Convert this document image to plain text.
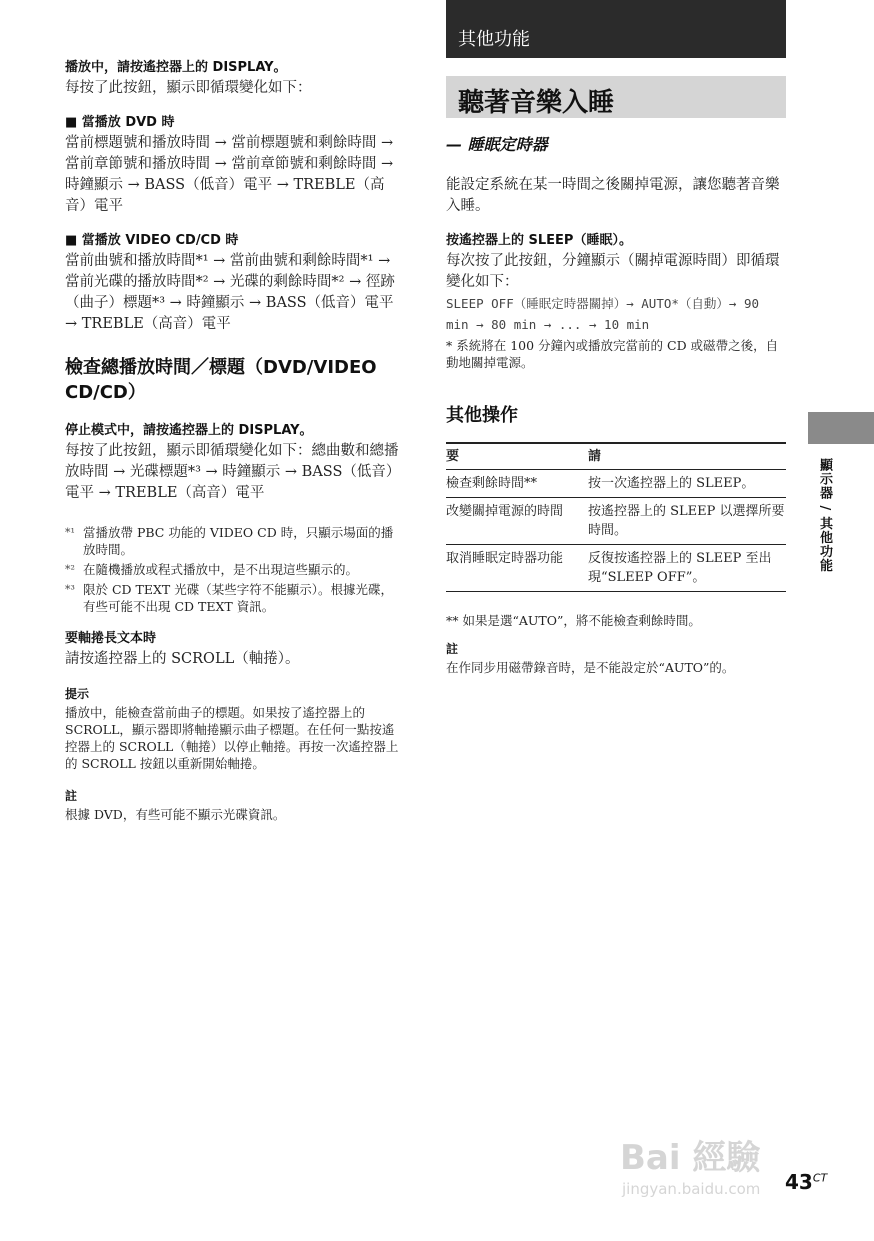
其他功能
聽著音樂入睡
播放中，請按遙控器上的 DISPLAY。

每按了此按鈕，顯示即循環變化如下：

■ 當播放 DVD 時

當前標題號和播放時間 → 當前標題號和剩餘時間 → 當前章節號和播放時間 → 當前章節號和剩餘時間 → 時鐘顯示 → BASS（低音）電平 → TREBLE（高音）電平

■ 當播放 VIDEO CD/CD 時

當前曲號和播放時間*¹ → 當前曲號和剩餘時間*¹ → 當前光碟的播放時間*² → 光碟的剩餘時間*² → 徑跡（曲子）標題*³ → 時鐘顯示 → BASS（低音）電平 → TREBLE（高音）電平

檢查總播放時間／標題（DVD/VIDEO CD/CD）
停止模式中，請按遙控器上的 DISPLAY。

每按了此按鈕，顯示即循環變化如下：總曲數和總播放時間 → 光碟標題*³ → 時鐘顯示 → BASS（低音）電平 → TREBLE（高音）電平

*¹ 當播放帶 PBC 功能的 VIDEO CD 時，只顯示場面的播放時間。
*² 在隨機播放或程式播放中，是不出現這些顯示的。
*³ 限於 CD TEXT 光碟（某些字符不能顯示）。根據光碟，有些可能不出現 CD TEXT 資訊。
要軸捲長文本時

請按遙控器上的 SCROLL（軸捲）。

提示

播放中，能檢查當前曲子的標題。如果按了遙控器上的 SCROLL，顯示器即將軸捲顯示曲子標題。在任何一點按遙控器上的 SCROLL（軸捲）以停止軸捲。再按一次遙控器上的 SCROLL 按鈕以重新開始軸捲。

註

根據 DVD，有些可能不顯示光碟資訊。

— 睡眠定時器

能設定系統在某一時間之後關掉電源，讓您聽著音樂入睡。

按遙控器上的 SLEEP（睡眠）。

每次按了此按鈕，分鐘顯示（關掉電源時間）即循環變化如下：

SLEEP OFF（睡眠定時器關掉）→ AUTO*（自動）→ 90 min → 80 min → ... → 10 min

* 系統將在 100 分鐘內或播放完當前的 CD 或磁帶之後，自動地關掉電源。

其他操作
要	請
檢查剩餘時間**	按一次遙控器上的 SLEEP。
改變關掉電源的時間	按遙控器上的 SLEEP 以選擇所要時間。
取消睡眠定時器功能	反復按遙控器上的 SLEEP 至出現“SLEEP OFF”。

** 如果是選“AUTO”，將不能檢查剩餘時間。

註

在作同步用磁帶錄音時，是不能設定於“AUTO”的。

顯示器 / 其他功能
Bai 經驗
jingyan.baidu.com $43^{CT}$
